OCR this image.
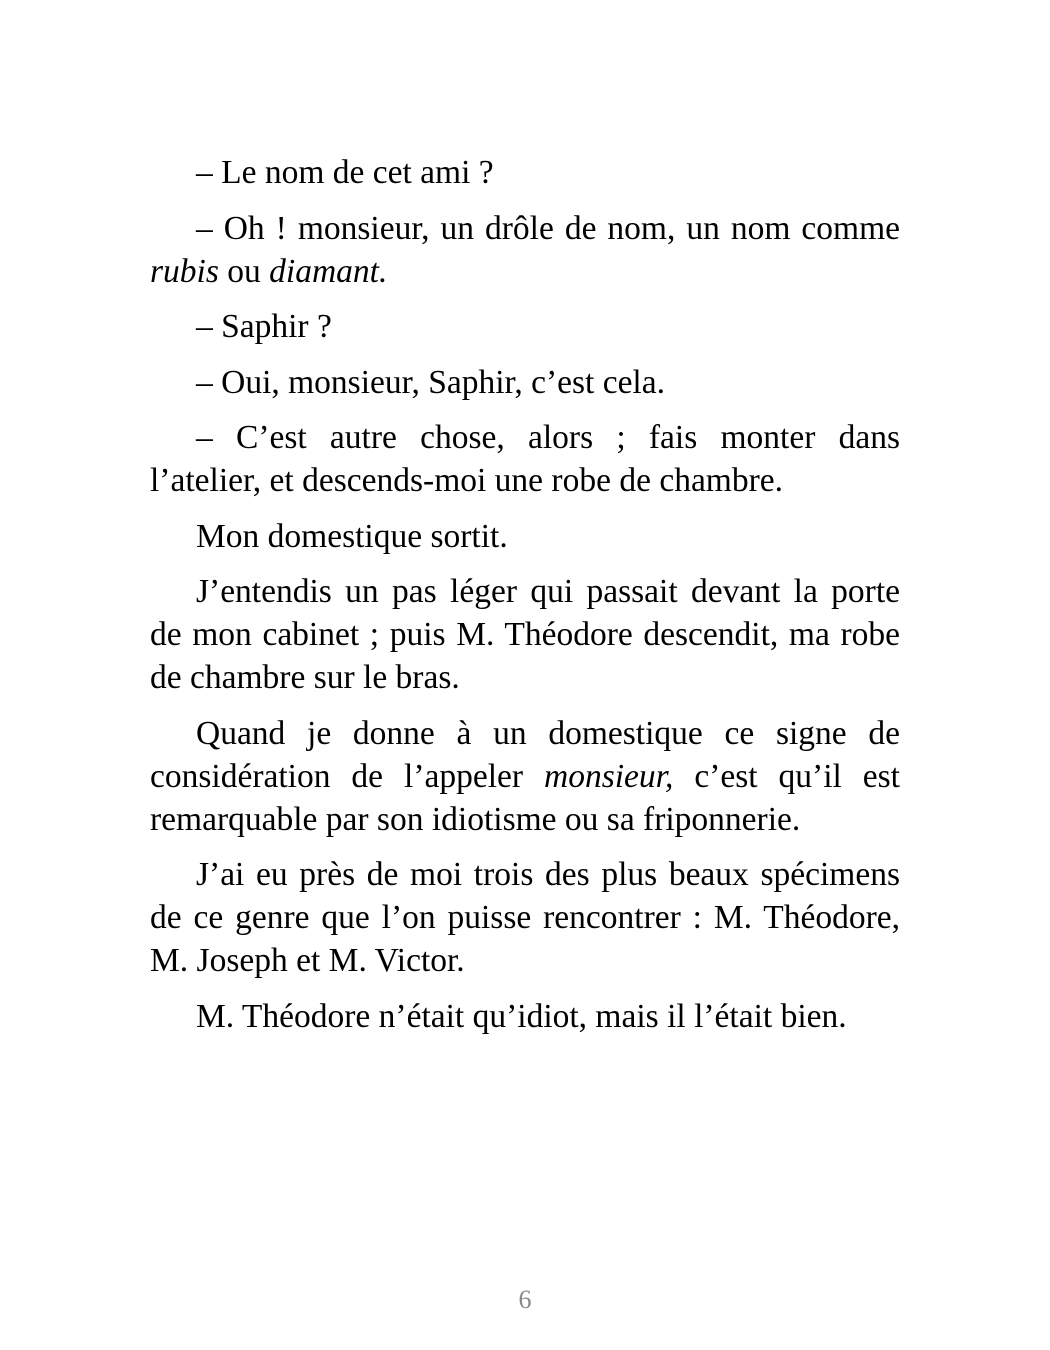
– Le nom de cet ami ?

– Oh ! monsieur, un drôle de nom, un nom comme rubis ou diamant.

– Saphir ?

– Oui, monsieur, Saphir, c’est cela.

– C’est autre chose, alors ; fais monter dans l’atelier, et descends-moi une robe de chambre.

Mon domestique sortit.

J’entendis un pas léger qui passait devant la porte de mon cabinet ; puis M. Théodore descendit, ma robe de chambre sur le bras.

Quand je donne à un domestique ce signe de considération de l’appeler monsieur, c’est qu’il est remarquable par son idiotisme ou sa friponnerie.

J’ai eu près de moi trois des plus beaux spécimens de ce genre que l’on puisse rencontrer : M. Théodore, M. Joseph et M. Victor.

M. Théodore n’était qu’idiot, mais il l’était bien.

6
